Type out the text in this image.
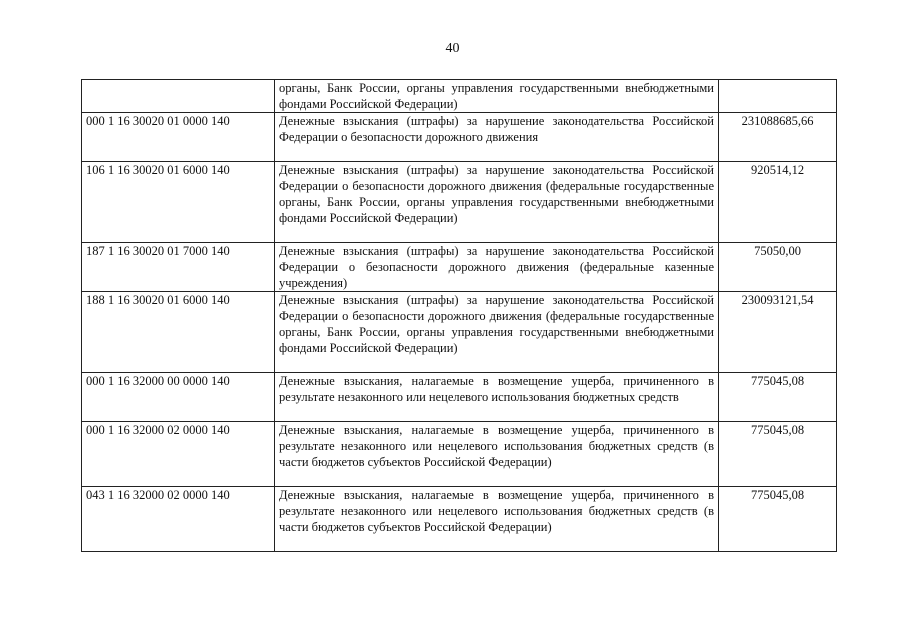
40
	органы, Банк России, органы управления государственными внебюджетными фондами Российской Федерации)	
000 1 16 30020 01 0000 140	Денежные взыскания (штрафы) за нарушение законодательства Российской Федерации о безопасности дорожного движения	231088685,66
106 1 16 30020 01 6000 140	Денежные взыскания (штрафы) за нарушение законодательства Российской Федерации о безопасности дорожного движения (федеральные государственные органы, Банк России, органы управления государственными внебюджетными фондами Российской Федерации)	920514,12
187 1 16 30020 01 7000 140	Денежные взыскания (штрафы) за нарушение законодательства Российской Федерации о безопасности дорожного движения (федеральные казенные учреждения)	75050,00
188 1 16 30020 01 6000 140	Денежные взыскания (штрафы) за нарушение законодательства Российской Федерации о безопасности дорожного движения (федеральные государственные органы, Банк России, органы управления государственными внебюджетными фондами Российской Федерации)	230093121,54
000 1 16 32000 00 0000 140	Денежные взыскания, налагаемые в возмещение ущерба, причиненного в результате незаконного или нецелевого использования бюджетных средств	775045,08
000 1 16 32000 02 0000 140	Денежные взыскания, налагаемые в возмещение ущерба, причиненного в результате незаконного или нецелевого использования бюджетных средств (в части бюджетов субъектов Российской Федерации)	775045,08
043 1 16 32000 02 0000 140	Денежные взыскания, налагаемые в возмещение ущерба, причиненного в результате незаконного или нецелевого использования бюджетных средств (в части бюджетов субъектов Российской Федерации)	775045,08
